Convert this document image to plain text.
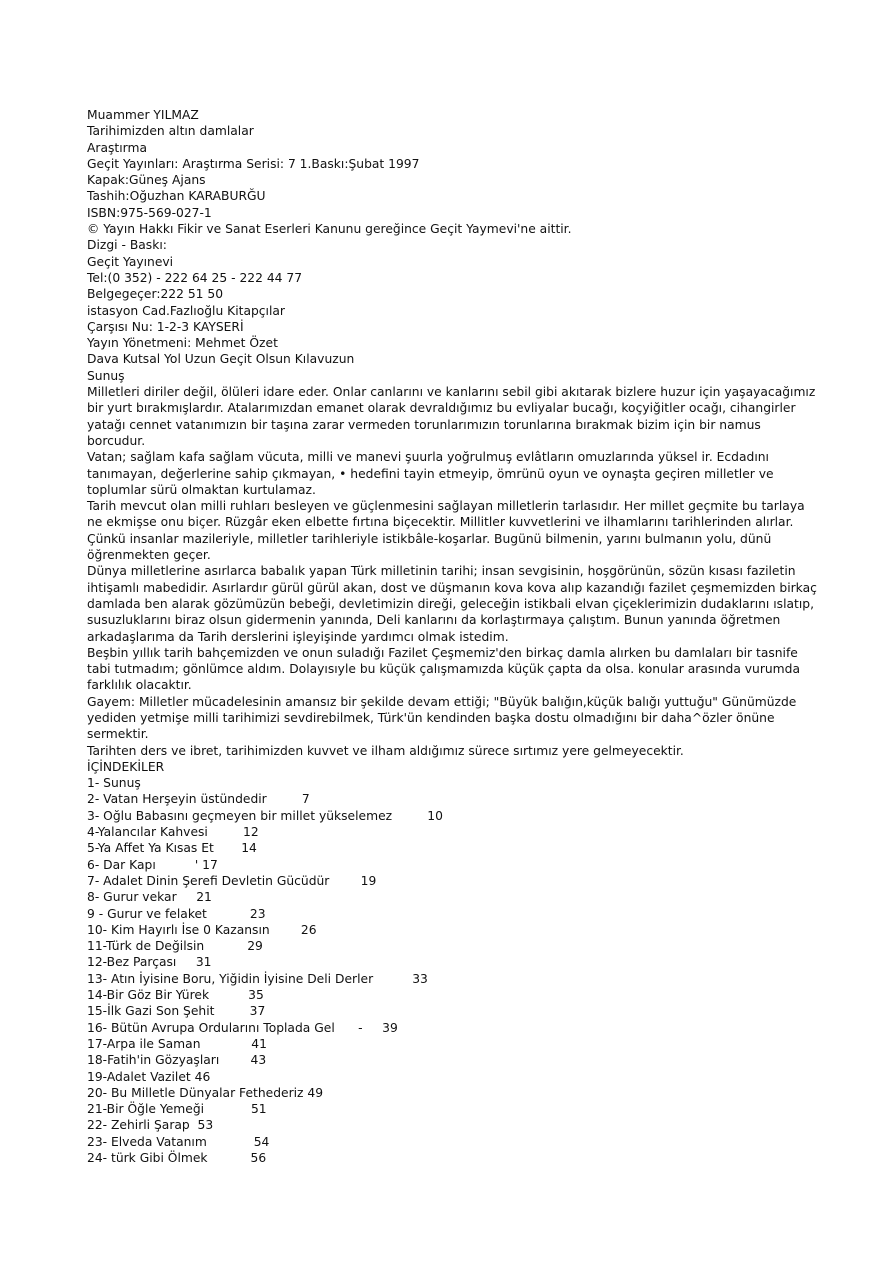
Muammer YILMAZ
Tarihimizden altın damlalar
Araştırma
Geçit Yayınları: Araştırma Serisi: 7 1.Baskı:Şubat 1997
Kapak:Güneş Ajans
Tashih:Oğuzhan KARABURĞU
ISBN:975-569-027-1
© Yayın Hakkı Fikir ve Sanat Eserleri Kanunu gereğince Geçit Yaymevi'ne aittir.
Dizgi - Baskı:
Geçit Yayınevi
Tel:(0 352) - 222 64 25 - 222 44 77
Belgegeçer:222 51 50
istasyon Cad.Fazlıoğlu Kitapçılar
Çarşısı Nu: 1-2-3 KAYSERİ
Yayın Yönetmeni: Mehmet Özet
Dava Kutsal Yol Uzun Geçit Olsun Kılavuzun
Sunuş
Milletleri diriler değil, ölüleri idare eder. Onlar canlarını ve kanlarını sebil gibi akıtarak bizlere huzur için yaşayacağımız bir yurt bırakmışlardır. Atalarımızdan emanet olarak devraldığımız bu evliyalar bucağı, koçyiğitler ocağı, cihangirler yatağı cennet vatanımızın bir taşına zarar vermeden torunlarımızın torunlarına bırakmak bizim için bir namus borcudur.
Vatan; sağlam kafa sağlam vücuta, milli ve manevi şuurla yoğrulmuş evlâtların omuzlarında yüksel ir. Ecdadını tanımayan, değerlerine sahip çıkmayan, • hedefini tayin etmeyip, ömrünü oyun ve oynaşta geçiren milletler ve toplumlar sürü olmaktan kurtulamaz.
Tarih mevcut olan milli ruhları besleyen ve güçlenmesini sağlayan milletlerin tarlasıdır. Her millet geçmite bu tarlaya ne ekmişse onu biçer. Rüzgâr eken elbette fırtına biçecektir. Millitler kuvvetlerini ve ilhamlarını tarihlerinden alırlar. Çünkü insanlar mazileriyle, milletler tarihleriyle istikbâle-koşarlar. Bugünü bilmenin, yarını bulmanın yolu, dünü öğrenmekten geçer.
Dünya milletlerine asırlarca babalık yapan Türk milletinin tarihi; insan sevgisinin, hoşgörünün, sözün kısası faziletin ihtişamlı mabedidir. Asırlardır gürül gürül akan, dost ve düşmanın kova kova alıp kazandığı fazilet çeşmemizden birkaç damlada ben alarak gözümüzün bebeği, devletimizin direği, geleceğin istikbali elvan çiçeklerimizin dudaklarını ıslatıp, susuzluklarını biraz olsun gidermenin yanında, Deli kanlarını da korlaştırmaya çalıştım. Bunun yanında öğretmen arkadaşlarıma da Tarih derslerini işleyişinde yardımcı olmak istedim.
Beşbin yıllık tarih bahçemizden ve onun suladığı Fazilet Çeşmemiz'den birkaç damla alırken bu damlaları bir tasnife tabi tutmadım; gönlümce aldım. Dolayısıyle bu küçük çalışmamızda küçük çapta da olsa. konular arasında vurumda farklılık olacaktır.
Gayem: Milletler mücadelesinin amansız bir şekilde devam ettiği; "Büyük balığın,küçük balığı yuttuğu" Günümüzde yediden yetmişe milli tarihimizi sevdirebilmek, Türk'ün kendinden başka dostu olmadığını bir daha^özler önüne sermektir.
Tarihten ders ve ibret, tarihimizden kuvvet ve ilham aldığımız sürece sırtımız yere gelmeyecektir.
İÇİNDEKİLER
1- Sunuş
2- Vatan Herşeyin üstündedir         7
3- Oğlu Babasını geçmeyen bir millet yükselemez         10
4-Yalancılar Kahvesi         12
5-Ya Affet Ya Kısas Et       14
6- Dar Kapı          ' 17
7- Adalet Dinin Şerefi Devletin Gücüdür        19
8- Gurur vekar     21
9 - Gurur ve felaket           23
10- Kim Hayırlı İse 0 Kazansın        26
11-Türk de Değilsin           29
12-Bez Parçası     31
13- Atın İyisine Boru, Yiğidin İyisine Deli Derler          33
14-Bir Göz Bir Yürek          35
15-İlk Gazi Son Şehit         37
16- Bütün Avrupa Ordularını Toplada Gel      -     39
17-Arpa ile Saman             41
18-Fatih'in Gözyaşları        43
19-Adalet Vazilet 46
20- Bu Milletle Dünyalar Fethederiz 49
21-Bir Öğle Yemeği            51
22- Zehirli Şarap  53
23- Elveda Vatanım            54
24- türk Gibi Ölmek           56
